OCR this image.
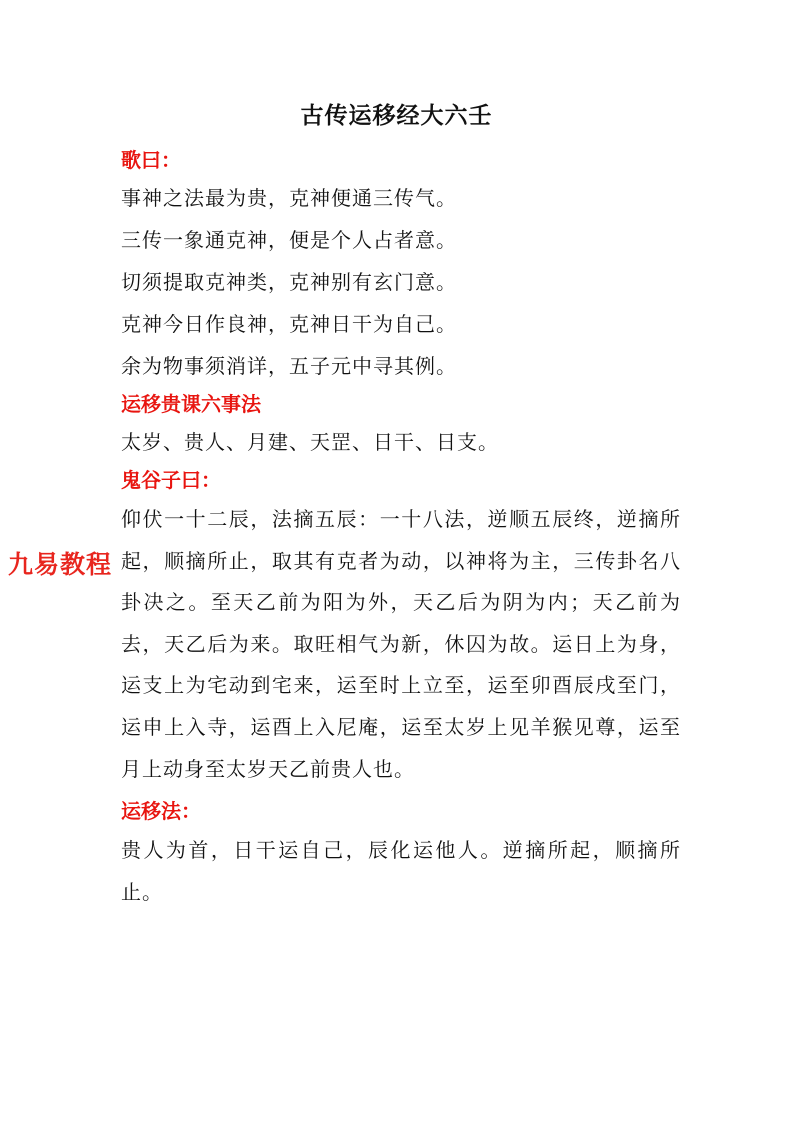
古传运移经大六壬
歌曰：
事神之法最为贵，克神便通三传气。
三传一象通克神，便是个人占者意。
切须提取克神类，克神别有玄门意。
克神今日作良神，克神日干为自己。
余为物事须消详，五子元中寻其例。
运移贵课六事法
太岁、贵人、月建、天罡、日干、日支。
鬼谷子曰：
仰伏一十二辰，法摘五辰：一十八法，逆顺五辰终，逆摘所起，顺摘所止，取其有克者为动，以神将为主，三传卦名八卦决之。至天乙前为阳为外，天乙后为阴为内；天乙前为去，天乙后为来。取旺相气为新，休囚为故。运日上为身，运支上为宅动到宅来，运至时上立至，运至卯酉辰戌至门，运申上入寺，运酉上入尼庵，运至太岁上见羊猴见尊，运至月上动身至太岁天乙前贵人也。
运移法：
贵人为首，日干运自己，辰化运他人。逆摘所起，顺摘所止。
九易教程
